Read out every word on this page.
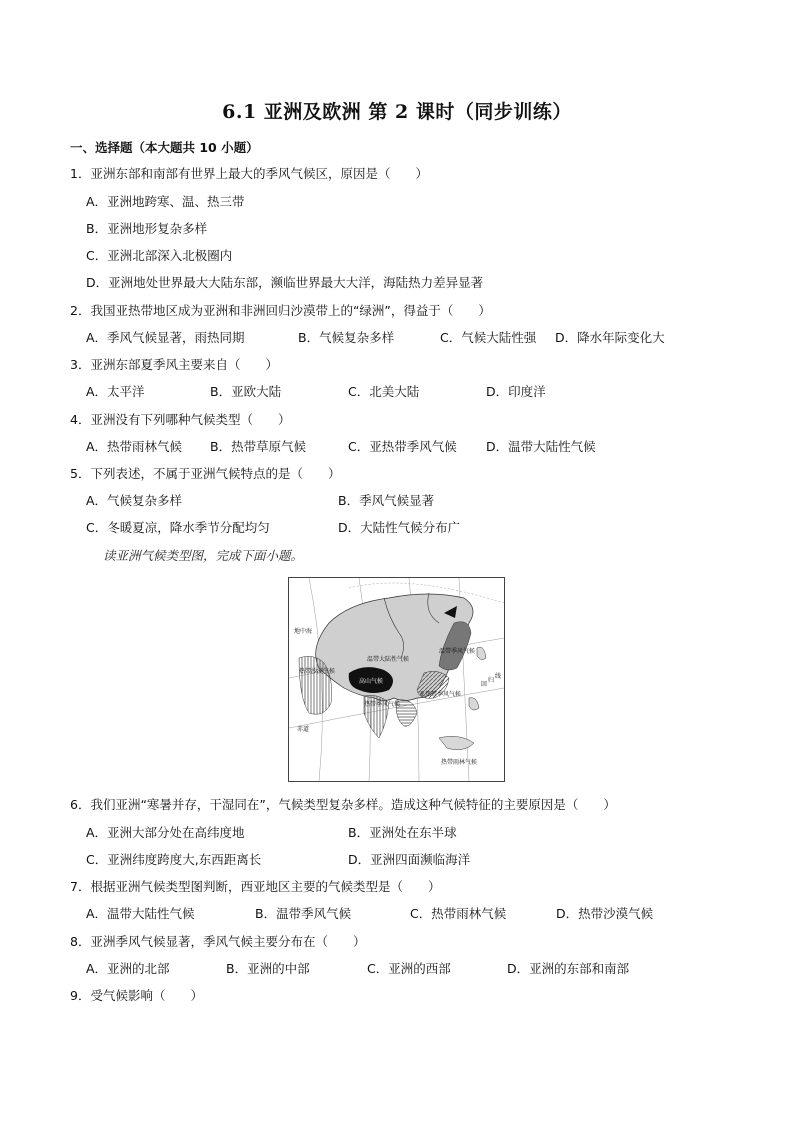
6.1 亚洲及欧洲 第 2 课时（同步训练）
一、选择题（本大题共 10 小题）
1．亚洲东部和南部有世界上最大的季风气候区，原因是（　　）
A．亚洲地跨寒、温、热三带
B．亚洲地形复杂多样
C．亚洲北部深入北极圈内
D．亚洲地处世界最大大陆东部，濒临世界最大大洋，海陆热力差异显著
2．我国亚热带地区成为亚洲和非洲回归沙漠带上的“绿洲”，得益于（　　）
A．季风气候显著，雨热同期	B．气候复杂多样	C．气候大陆性强 D．降水年际变化大
3．亚洲东部夏季风主要来自（　　）
A．太平洋	B．亚欧大陆	C．北美大陆	D．印度洋
4．亚洲没有下列哪种气候类型（　　）
A．热带雨林气候 B．热带草原气候	C．亚热带季风气候 D．温带大陆性气候
5．下列表述，不属于亚洲气候特点的是（　　）
A．气候复杂多样	B．季风气候显著
C．冬暖夏凉，降水季节分配均匀	D．大陆性气候分布广
读亚洲气候类型图，完成下面小题。
温带大陆性气候
温带季风气候
高山气候
亚热带季风气候
热带季风气候
热带雨林气候
热带沙漠气候
地中海
回
归
线
赤道
6．我们亚洲“寒暑并存，干湿同在”，气候类型复杂多样。造成这种气候特征的主要原因是（　　）
A．亚洲大部分处在高纬度地	B．亚洲处在东半球
C．亚洲纬度跨度大,东西距离长	D．亚洲四面濒临海洋
7．根据亚洲气候类型图判断，西亚地区主要的气候类型是（　　）
A．温带大陆性气候	B．温带季风气候	C．热带雨林气候	D．热带沙漠气候
8．亚洲季风气候显著，季风气候主要分布在（　　）
A．亚洲的北部	B．亚洲的中部	C．亚洲的西部	D．亚洲的东部和南部
9．受气候影响（　　）
